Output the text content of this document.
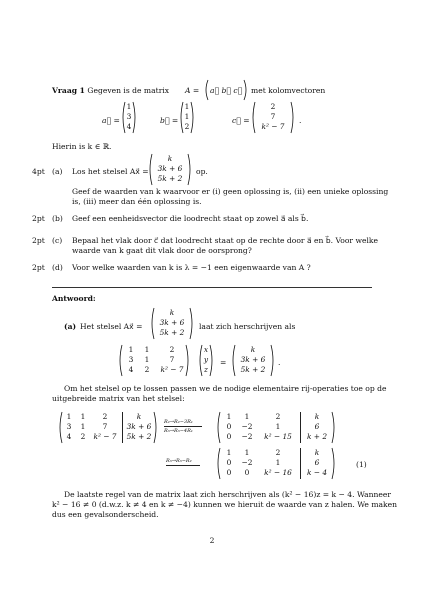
Vraag 1 Gegeven is de matrix A = a⃗ b⃗ c⃗ met kolomvectoren
a⃗ =
1
3
4
b⃗ =
1
1
2
c⃗ =
2
7
k² − 7
.
Hierin is k ∈ ℝ.
4pt (a) Los het stelsel Ax⃗ =
k
3k + 6
5k + 2
op.
Geef de waarden van k waarvoor er (i) geen oplossing is, (ii) een unieke oplossing
is, (iii) meer dan één oplossing is.
2pt (b) Geef een eenheidsvector die loodrecht staat op zowel a⃗ als b⃗.
2pt (c) Bepaal het vlak door c⃗ dat loodrecht staat op de rechte door a⃗ en b⃗. Voor welke
waarde van k gaat dit vlak door de oorsprong?
2pt (d) Voor welke waarden van k is λ = −1 een eigenwaarde van A ?
Antwoord:
(a) Het stelsel Ax⃗ =
k
3k + 6
5k + 2
laat zich herschrijven als
1
3
4
1
1
2
2
7
k² − 7
x
y
z
=
k
3k + 6
5k + 2
.
Om het stelsel op te lossen passen we de nodige elementaire rij-operaties toe op de
uitgebreide matrix van het stelsel:
1
3
4
1
1
2
2
7
k² − 7
k
3k + 6
5k + 2
R₂→R₂−3R₁
R₃→R₃−4R₁
1
0
0
1
−2
−2
2
1
k² − 15
k
6
k + 2
R₃→R₃−R₂
1
0
0
1
−2
0
2
1
k² − 16
k
6
k − 4
(1)
De laatste regel van de matrix laat zich herschrijven als (k² − 16)z = k − 4. Wanneer
k² − 16 ≠ 0 (d.w.z. k ≠ 4 en k ≠ −4) kunnen we hieruit de waarde van z halen. We maken
dus een gevalsonderscheid.
2
